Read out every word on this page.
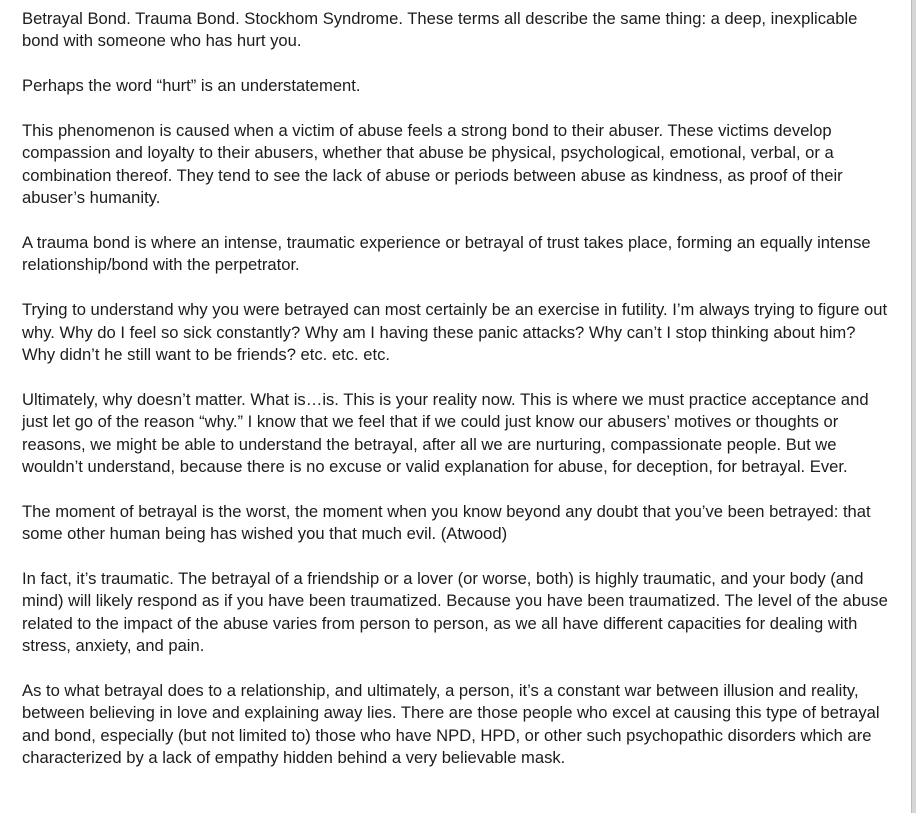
Betrayal Bond. Trauma Bond. Stockhom Syndrome. These terms all describe the same thing: a deep, inexplicable bond with someone who has hurt you.

Perhaps the word “hurt” is an understatement.

This phenomenon is caused when a victim of abuse feels a strong bond to their abuser. These victims develop compassion and loyalty to their abusers, whether that abuse be physical, psychological, emotional, verbal, or a combination thereof. They tend to see the lack of abuse or periods between abuse as kindness, as proof of their abuser’s humanity.

A trauma bond is where an intense, traumatic experience or betrayal of trust takes place, forming an equally intense relationship/bond with the perpetrator.

Trying to understand why you were betrayed can most certainly be an exercise in futility. I’m always trying to figure out why. Why do I feel so sick constantly? Why am I having these panic attacks? Why can’t I stop thinking about him? Why didn’t he still want to be friends? etc. etc. etc.

Ultimately, why doesn’t matter. What is…is. This is your reality now. This is where we must practice acceptance and just let go of the reason “why.” I know that we feel that if we could just know our abusers’ motives or thoughts or reasons, we might be able to understand the betrayal, after all we are nurturing, compassionate people. But we wouldn’t understand, because there is no excuse or valid explanation for abuse, for deception, for betrayal. Ever.

The moment of betrayal is the worst, the moment when you know beyond any doubt that you’ve been betrayed: that some other human being has wished you that much evil. (Atwood)

In fact, it’s traumatic. The betrayal of a friendship or a lover (or worse, both) is highly traumatic, and your body (and mind) will likely respond as if you have been traumatized. Because you have been traumatized. The level of the abuse related to the impact of the abuse varies from person to person, as we all have different capacities for dealing with stress, anxiety, and pain.

As to what betrayal does to a relationship, and ultimately, a person, it’s a constant war between illusion and reality, between believing in love and explaining away lies. There are those people who excel at causing this type of betrayal and bond, especially (but not limited to) those who have NPD, HPD, or other such psychopathic disorders which are characterized by a lack of empathy hidden behind a very believable mask.
